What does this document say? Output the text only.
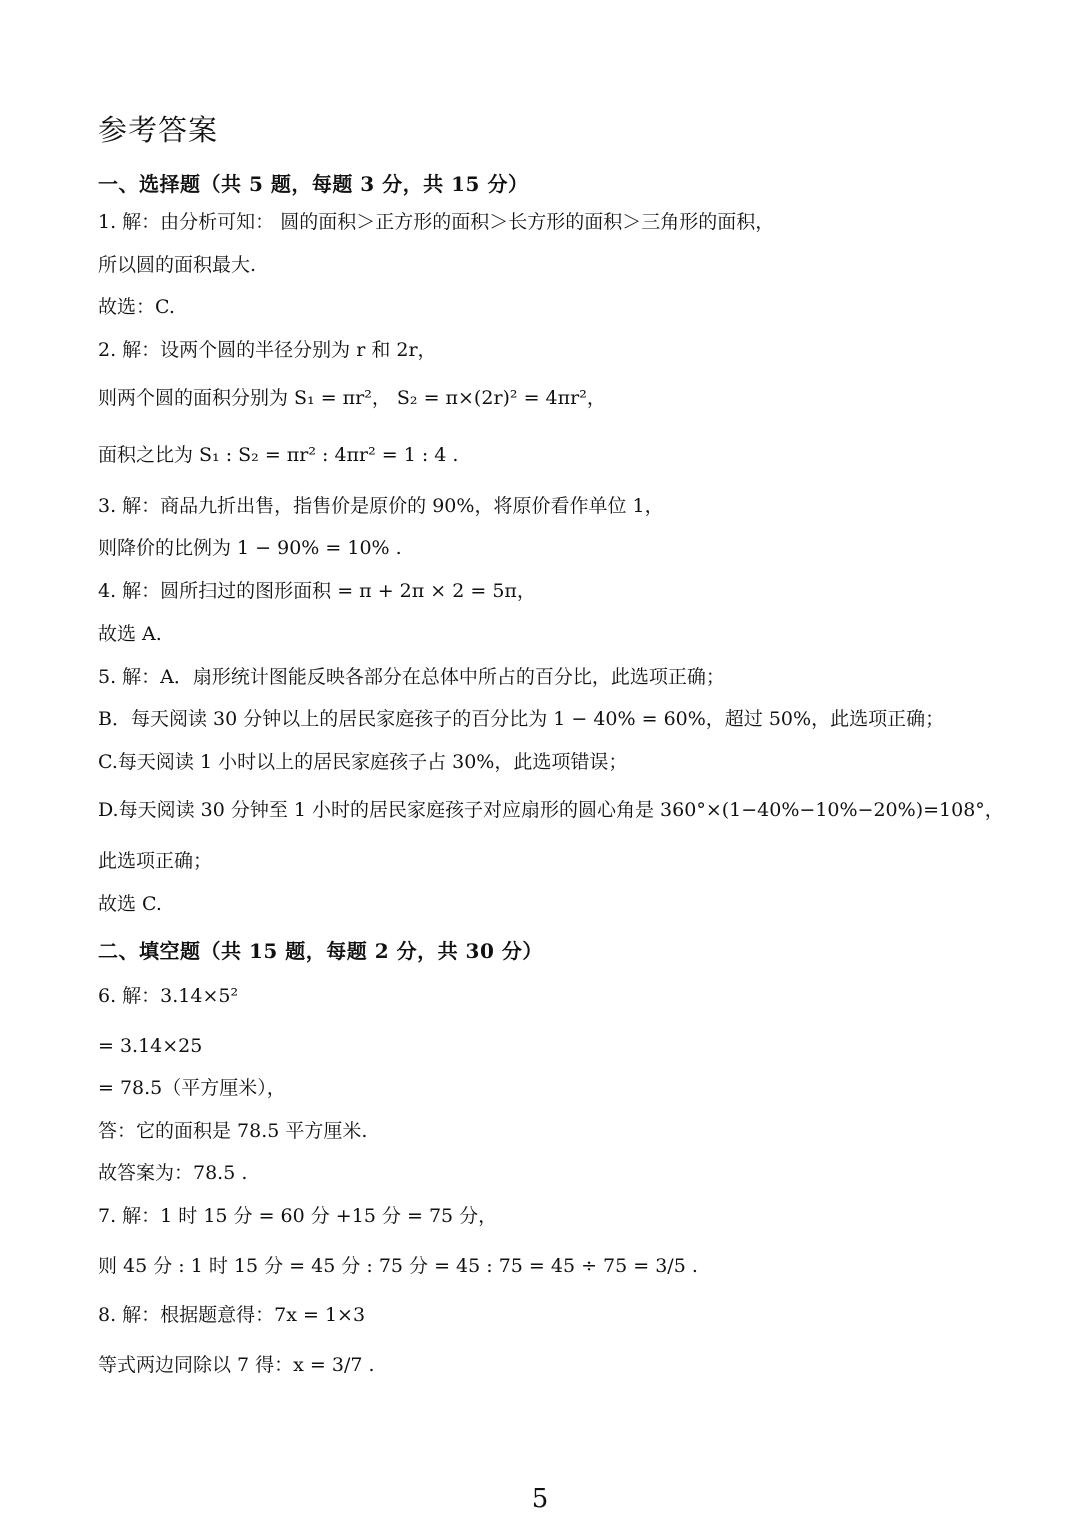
参考答案
一、选择题（共 5 题，每题 3 分，共 15 分）
1. 解：由分析可知： 圆的面积＞正方形的面积＞长方形的面积＞三角形的面积，
所以圆的面积最大.
故选：C.
2. 解：设两个圆的半径分别为 r 和 2r，
则两个圆的面积分别为 S₁ = πr²， S₂ = π×(2r)² = 4πr²，
面积之比为 S₁ : S₂ = πr² : 4πr² = 1 : 4 .
3. 解：商品九折出售，指售价是原价的 90%，将原价看作单位 1，
则降价的比例为 1 − 90% = 10% .
4. 解：圆所扫过的图形面积 = π + 2π × 2 = 5π，
故选 A.
5. 解：A．扇形统计图能反映各部分在总体中所占的百分比，此选项正确；
B．每天阅读 30 分钟以上的居民家庭孩子的百分比为 1 − 40% = 60%，超过 50%，此选项正确；
C.每天阅读 1 小时以上的居民家庭孩子占 30%，此选项错误；
D.每天阅读 30 分钟至 1 小时的居民家庭孩子对应扇形的圆心角是 360°×(1−40%−10%−20%)=108°，
此选项正确；
故选 C.
二、填空题（共 15 题，每题 2 分，共 30 分）
6. 解：3.14×5²
= 3.14×25
= 78.5（平方厘米），
答：它的面积是 78.5 平方厘米.
故答案为：78.5 .
7. 解：1 时 15 分 = 60 分 +15 分 = 75 分，
则 45 分 : 1 时 15 分 = 45 分 : 75 分 = 45 : 75 = 45 ÷ 75 = 3/5 .
8. 解：根据题意得：7x = 1×3
等式两边同除以 7 得：x = 3/7 .
5
